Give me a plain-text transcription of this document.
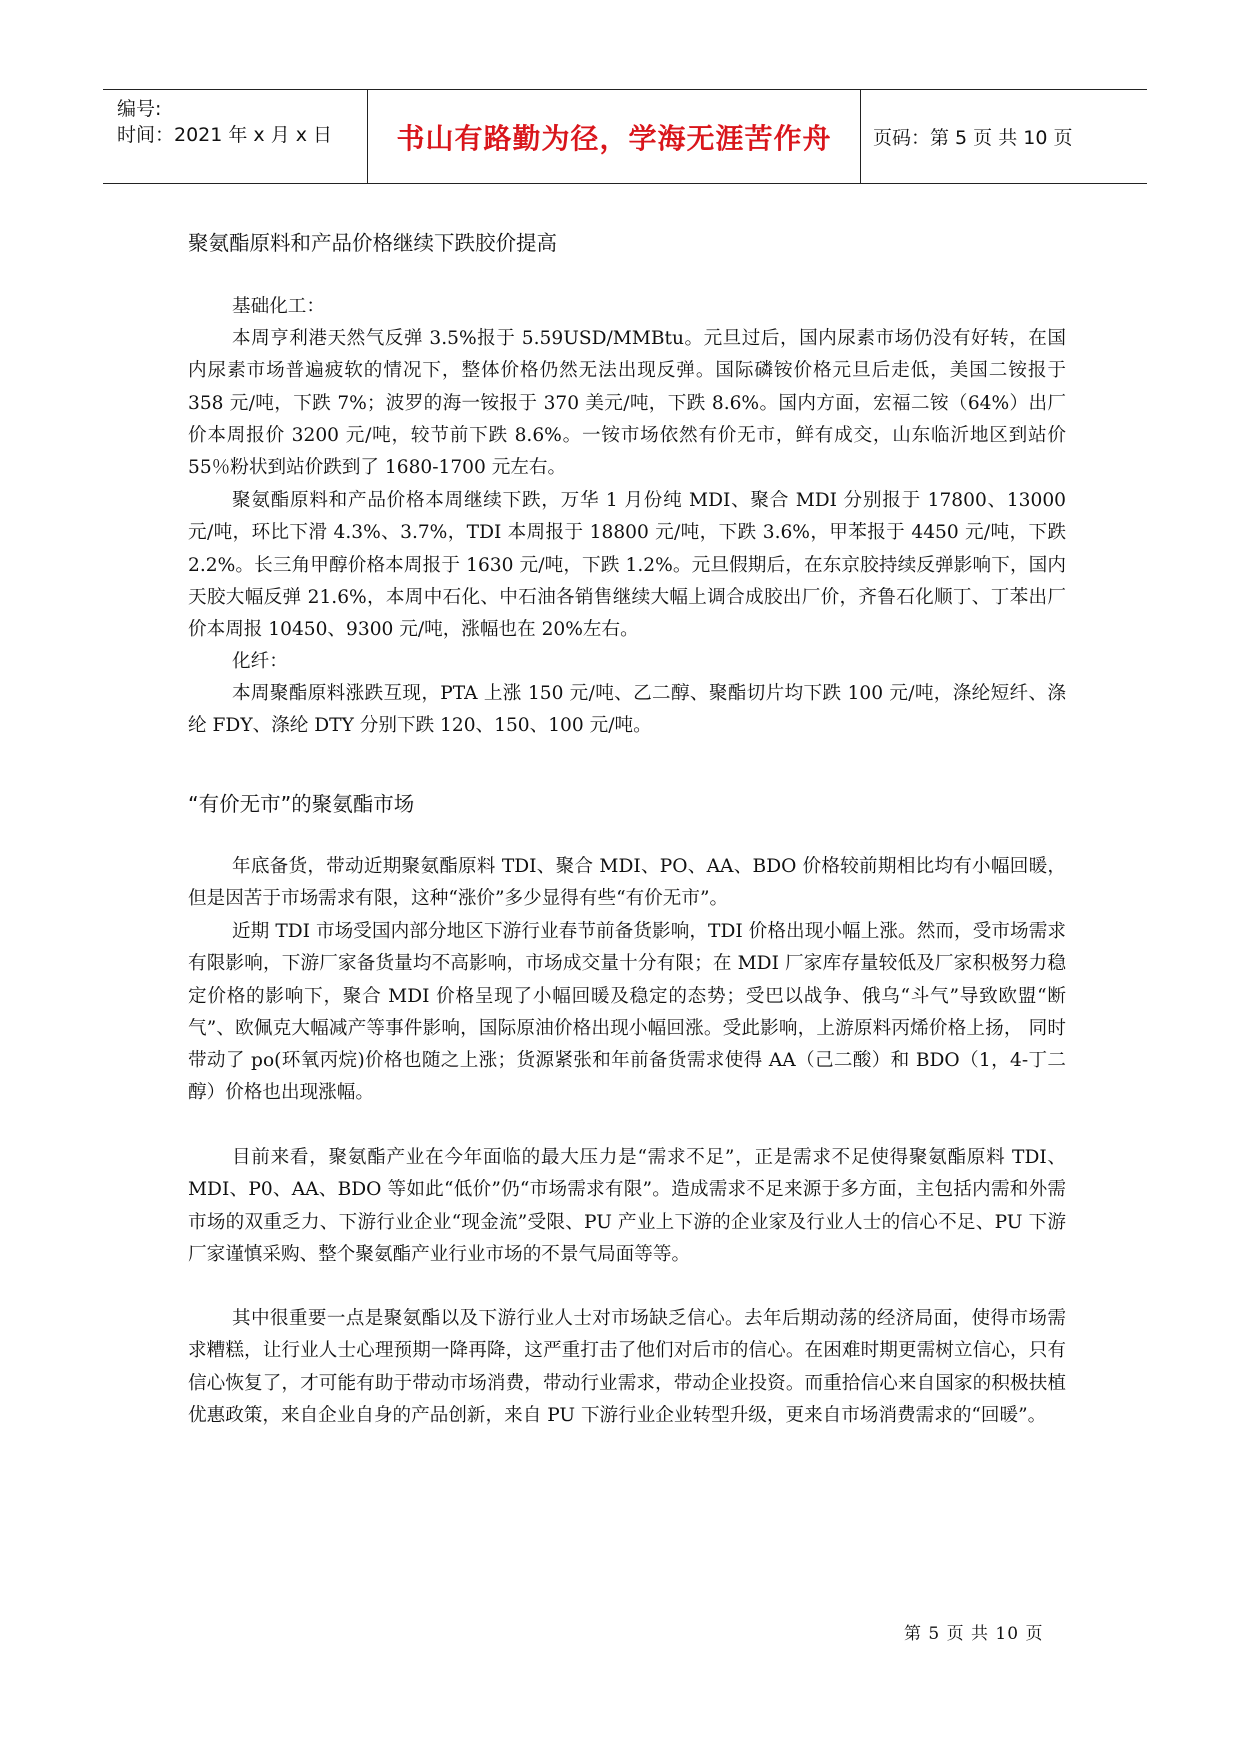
编号:
时间：2021 年 x 月 x 日 书山有路勤为径，学海无涯苦作舟 页码：第 5 页 共 10 页
聚氨酯原料和产品价格继续下跌胶价提高

基础化工：

本周亨利港天然气反弹 3.5%报于 5.59USD/MMBtu。元旦过后，国内尿素市场仍没有好转，在国内尿素市场普遍疲软的情况下，整体价格仍然无法出现反弹。国际磷铵价格元旦后走低，美国二铵报于 358 元/吨，下跌 7%；波罗的海一铵报于 370 美元/吨，下跌 8.6%。国内方面，宏福二铵（64%）出厂价本周报价 3200 元/吨，较节前下跌 8.6%。一铵市场依然有价无市，鲜有成交，山东临沂地区到站价 55％粉状到站价跌到了 1680-1700 元左右。

聚氨酯原料和产品价格本周继续下跌，万华 1 月份纯 MDI、聚合 MDI 分别报于 17800、13000 元/吨，环比下滑 4.3%、3.7%，TDI 本周报于 18800 元/吨，下跌 3.6%，甲苯报于 4450 元/吨，下跌 2.2%。长三角甲醇价格本周报于 1630 元/吨，下跌 1.2%。元旦假期后，在东京胶持续反弹影响下，国内天胶大幅反弹 21.6%，本周中石化、中石油各销售继续大幅上调合成胶出厂价，齐鲁石化顺丁、丁苯出厂价本周报 10450、9300 元/吨，涨幅也在 20%左右。

化纤：

本周聚酯原料涨跌互现，PTA 上涨 150 元/吨、乙二醇、聚酯切片均下跌 100 元/吨，涤纶短纤、涤纶 FDY、涤纶 DTY 分别下跌 120、150、100 元/吨。

“有价无市”的聚氨酯市场

年底备货，带动近期聚氨酯原料 TDI、聚合 MDI、PO、AA、BDO 价格较前期相比均有小幅回暖，但是因苦于市场需求有限，这种“涨价”多少显得有些“有价无市”。

近期 TDI 市场受国内部分地区下游行业春节前备货影响，TDI 价格出现小幅上涨。然而，受市场需求有限影响，下游厂家备货量均不高影响，市场成交量十分有限；在 MDI 厂家库存量较低及厂家积极努力稳定价格的影响下，聚合 MDI 价格呈现了小幅回暖及稳定的态势；受巴以战争、俄乌“斗气”导致欧盟“断气”、欧佩克大幅减产等事件影响，国际原油价格出现小幅回涨。受此影响，上游原料丙烯价格上扬， 同时带动了 po(环氧丙烷)价格也随之上涨；货源紧张和年前备货需求使得 AA（己二酸）和 BDO（1，4-丁二醇）价格也出现涨幅。

目前来看，聚氨酯产业在今年面临的最大压力是“需求不足”，正是需求不足使得聚氨酯原料 TDI、MDI、P0、AA、BDO 等如此“低价”仍“市场需求有限”。造成需求不足来源于多方面，主包括内需和外需市场的双重乏力、下游行业企业“现金流”受限、PU 产业上下游的企业家及行业人士的信心不足、PU 下游厂家谨慎采购、整个聚氨酯产业行业市场的不景气局面等等。

其中很重要一点是聚氨酯以及下游行业人士对市场缺乏信心。去年后期动荡的经济局面，使得市场需求糟糕，让行业人士心理预期一降再降，这严重打击了他们对后市的信心。在困难时期更需树立信心，只有信心恢复了，才可能有助于带动市场消费，带动行业需求，带动企业投资。而重拾信心来自国家的积极扶植优惠政策，来自企业自身的产品创新，来自 PU 下游行业企业转型升级，更来自市场消费需求的“回暖”。

第 5 页 共 10 页
